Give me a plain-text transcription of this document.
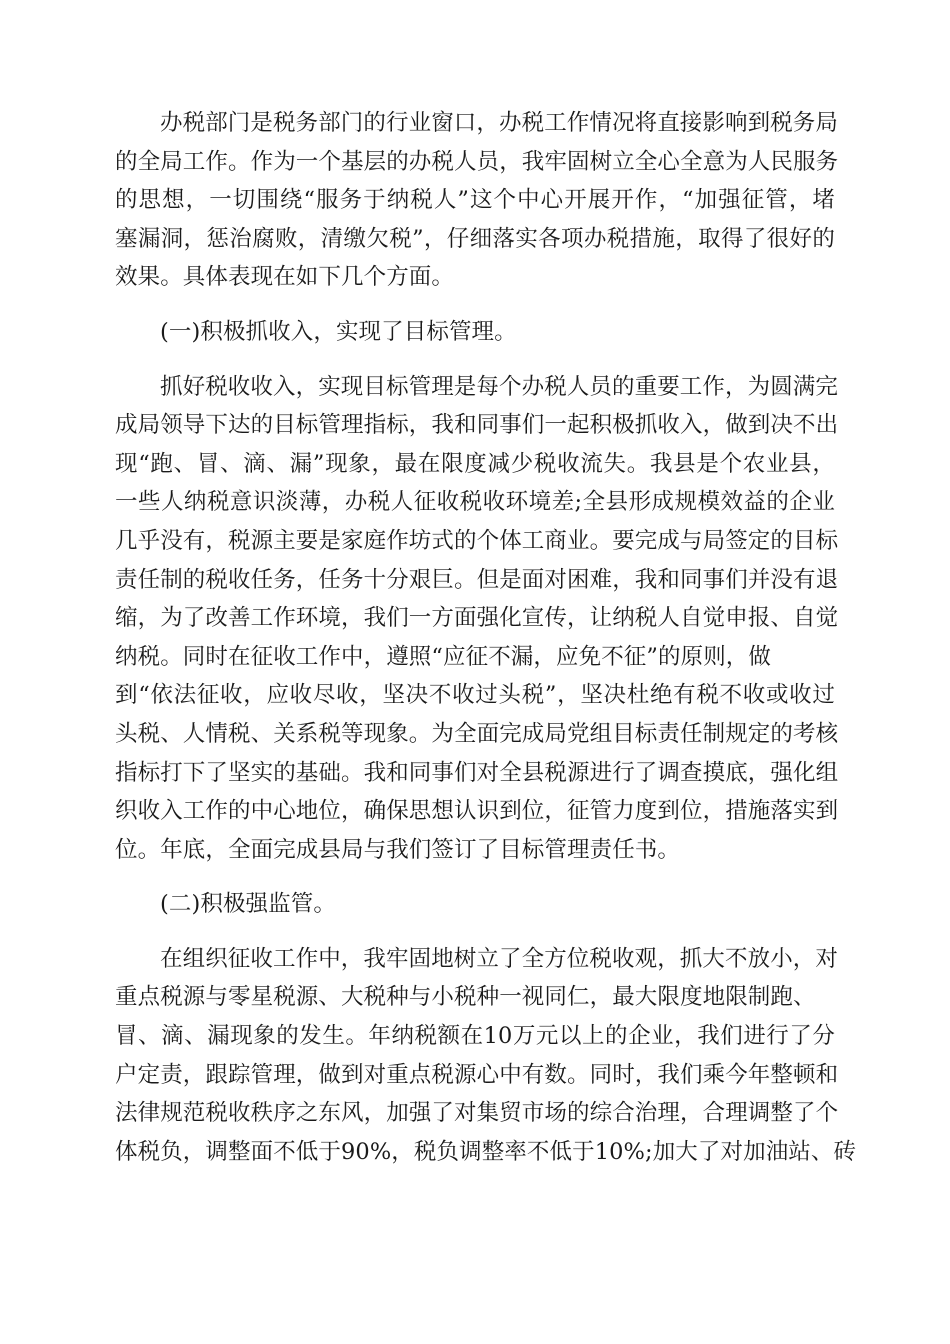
办税部门是税务部门的行业窗口，办税工作情况将直接影响到税务局
的全局工作。作为一个基层的办税人员，我牢固树立全心全意为人民服务
的思想，一切围绕“服务于纳税人”这个中心开展开作，“加强征管，堵
塞漏洞，惩治腐败，清缴欠税”，仔细落实各项办税措施，取得了很好的
效果。具体表现在如下几个方面。
(一)积极抓收入，实现了目标管理。
抓好税收收入，实现目标管理是每个办税人员的重要工作，为圆满完
成局领导下达的目标管理指标，我和同事们一起积极抓收入，做到决不出
现“跑、冒、滴、漏”现象，最在限度减少税收流失。我县是个农业县，
一些人纳税意识淡薄，办税人征收税收环境差;全县形成规模效益的企业
几乎没有，税源主要是家庭作坊式的个体工商业。要完成与局签定的目标
责任制的税收任务，任务十分艰巨。但是面对困难，我和同事们并没有退
缩，为了改善工作环境，我们一方面强化宣传，让纳税人自觉申报、自觉
纳税。同时在征收工作中，遵照“应征不漏，应免不征”的原则，做
到“依法征收，应收尽收，坚决不收过头税”，坚决杜绝有税不收或收过
头税、人情税、关系税等现象。为全面完成局党组目标责任制规定的考核
指标打下了坚实的基础。我和同事们对全县税源进行了调查摸底，强化组
织收入工作的中心地位，确保思想认识到位，征管力度到位，措施落实到
位。年底，全面完成县局与我们签订了目标管理责任书。
(二)积极强监管。
在组织征收工作中，我牢固地树立了全方位税收观，抓大不放小，对
重点税源与零星税源、大税种与小税种一视同仁，最大限度地限制跑、
冒、滴、漏现象的发生。年纳税额在10万元以上的企业，我们进行了分
户定责，跟踪管理，做到对重点税源心中有数。同时，我们乘今年整顿和
法律规范税收秩序之东风，加强了对集贸市场的综合治理，合理调整了个
体税负，调整面不低于90%，税负调整率不低于10%;加大了对加油站、砖
